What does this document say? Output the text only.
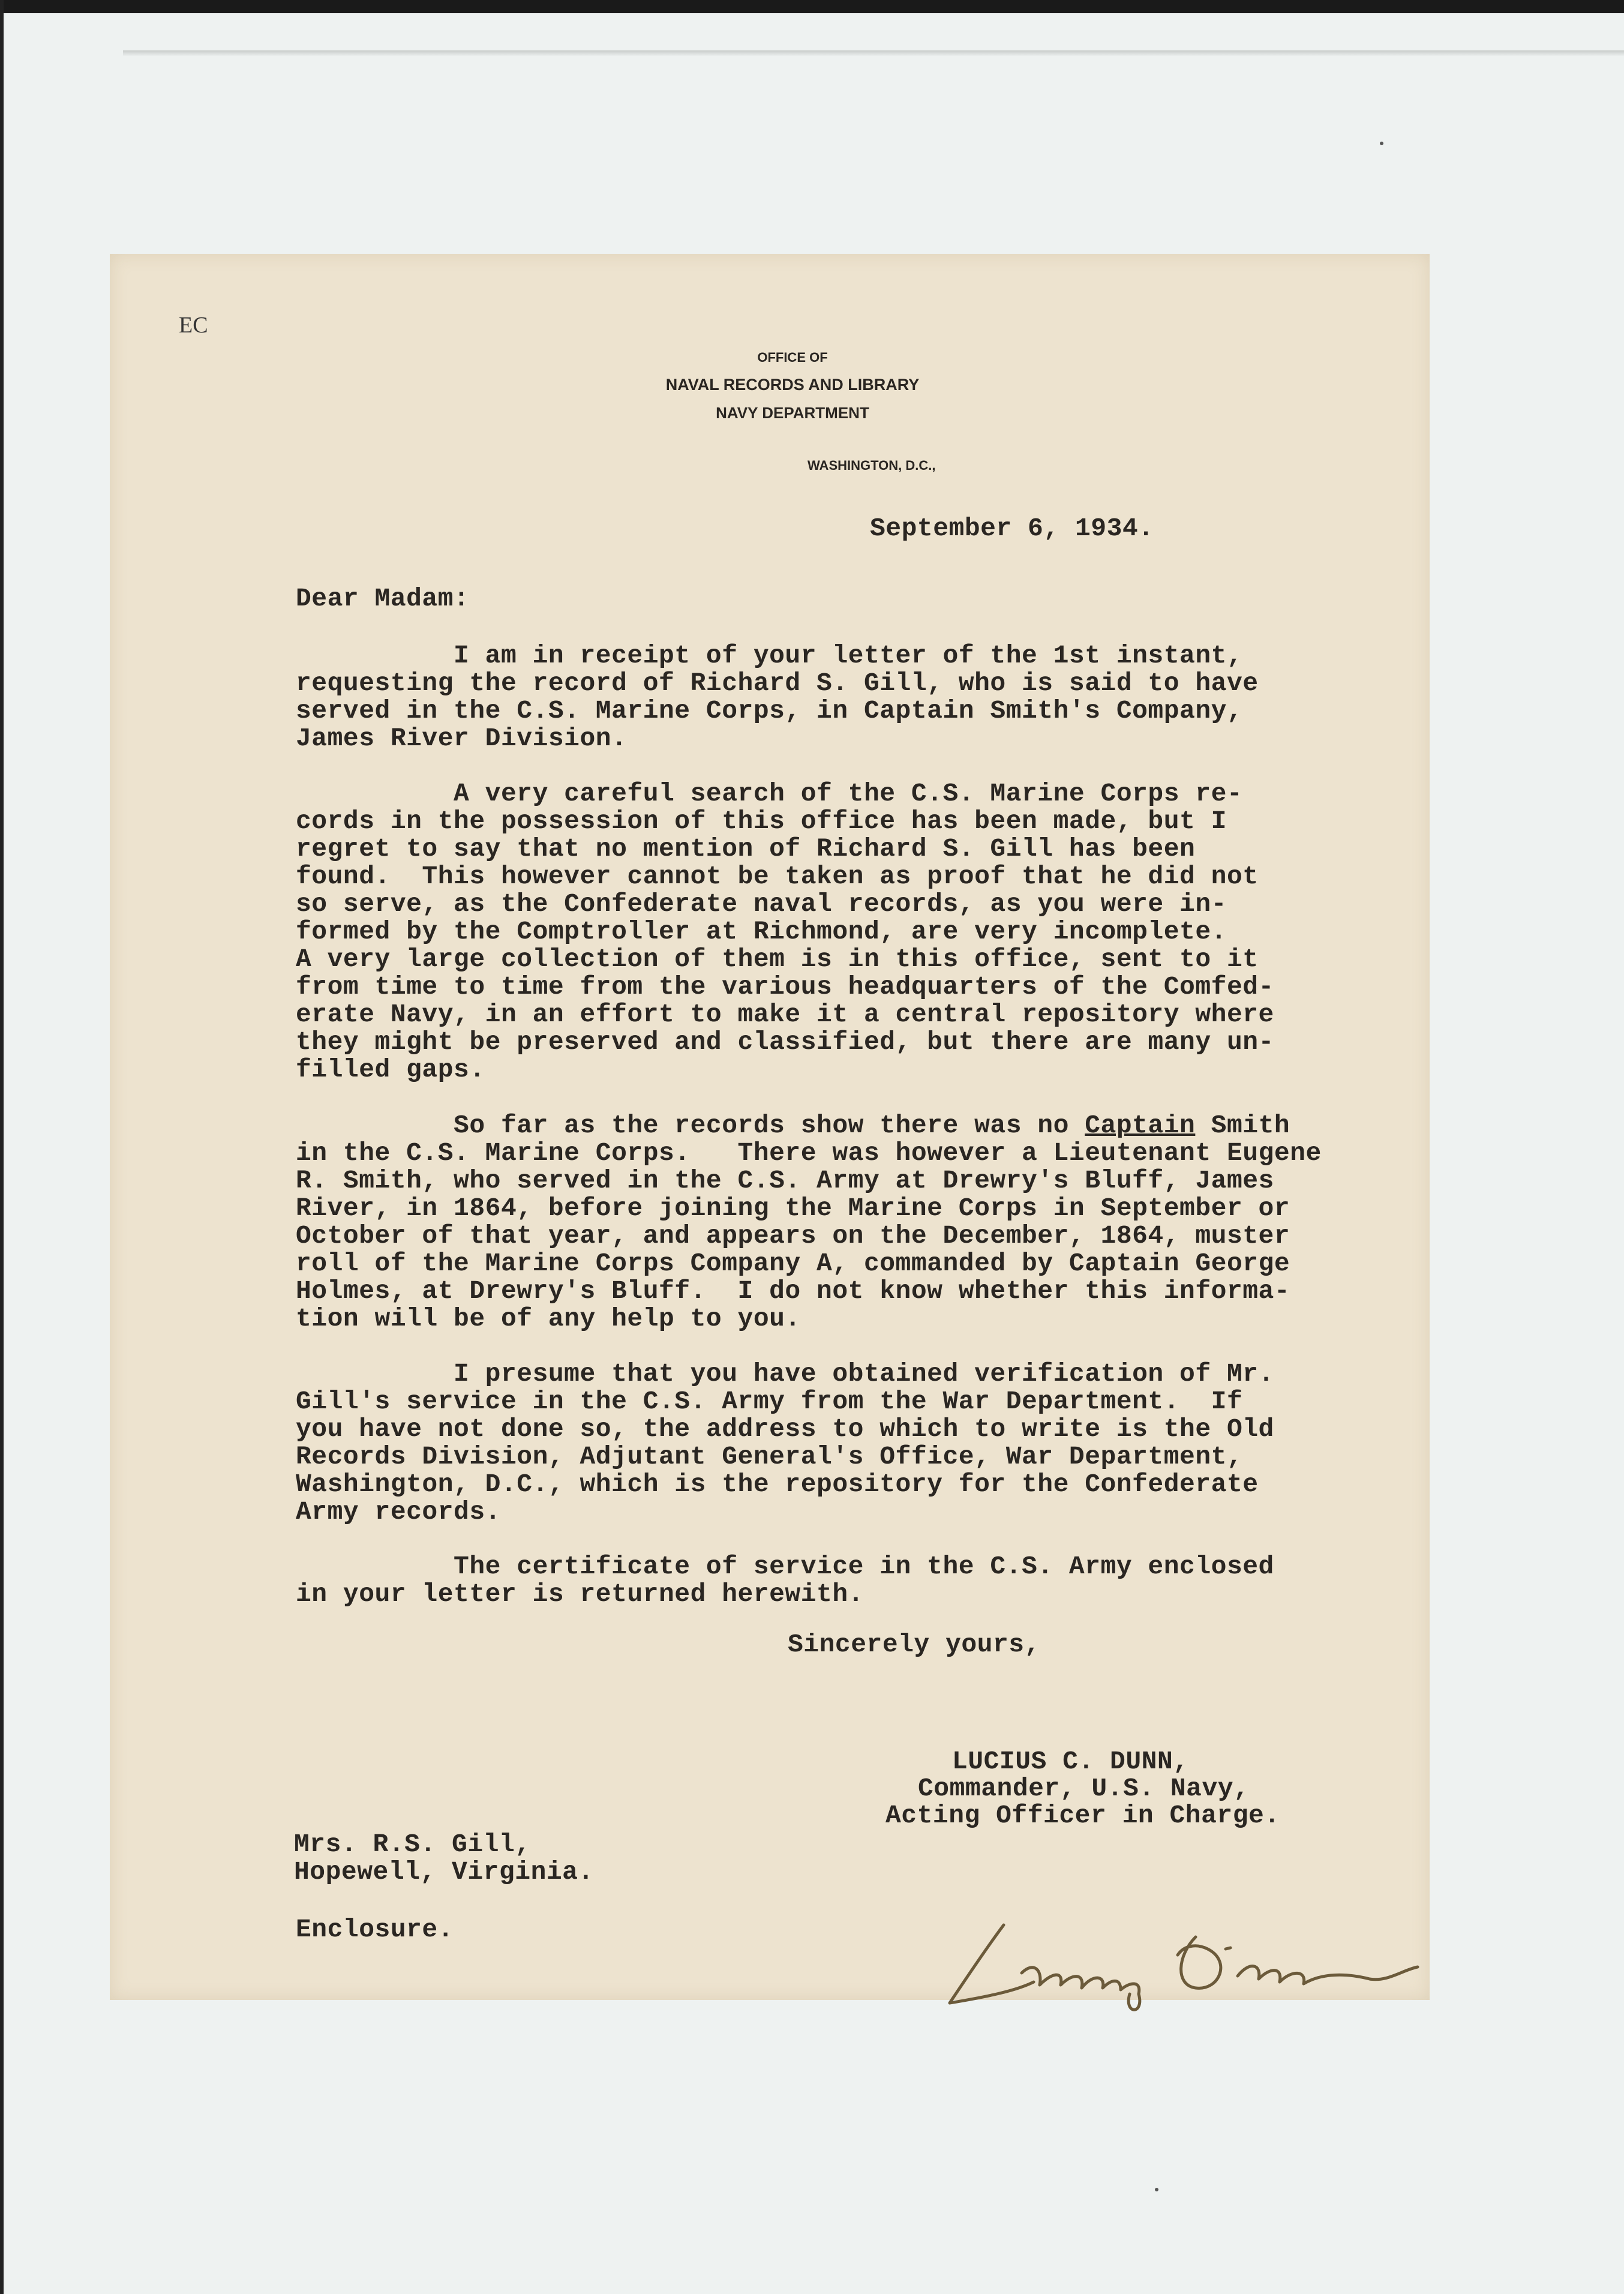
EC
OFFICE OF
NAVAL RECORDS AND LIBRARY
NAVY DEPARTMENT
WASHINGTON, D.C.,
September 6, 1934.
Dear Madam:
I am in receipt of your letter of the 1st instant,
requesting the record of Richard S. Gill, who is said to have
served in the C.S. Marine Corps, in Captain Smith's Company,
James River Division.
A very careful search of the C.S. Marine Corps re-
cords in the possession of this office has been made, but I
regret to say that no mention of Richard S. Gill has been
found.  This however cannot be taken as proof that he did not
so serve, as the Confederate naval records, as you were in-
formed by the Comptroller at Richmond, are very incomplete.
A very large collection of them is in this office, sent to it
from time to time from the various headquarters of the Comfed-
erate Navy, in an effort to make it a central repository where
they might be preserved and classified, but there are many un-
filled gaps.
So far as the records show there was no Captain Smith
in the C.S. Marine Corps.   There was however a Lieutenant Eugene
R. Smith, who served in the C.S. Army at Drewry's Bluff, James
River, in 1864, before joining the Marine Corps in September or
October of that year, and appears on the December, 1864, muster
roll of the Marine Corps Company A, commanded by Captain George
Holmes, at Drewry's Bluff.  I do not know whether this informa-
tion will be of any help to you.
I presume that you have obtained verification of Mr.
Gill's service in the C.S. Army from the War Department.  If
you have not done so, the address to which to write is the Old
Records Division, Adjutant General's Office, War Department,
Washington, D.C., which is the repository for the Confederate
Army records.
The certificate of service in the C.S. Army enclosed
in your letter is returned herewith.
Sincerely yours,
LUCIUS C. DUNN,
Commander, U.S. Navy,
Acting Officer in Charge.
Mrs. R.S. Gill,
Hopewell, Virginia.
Enclosure.
